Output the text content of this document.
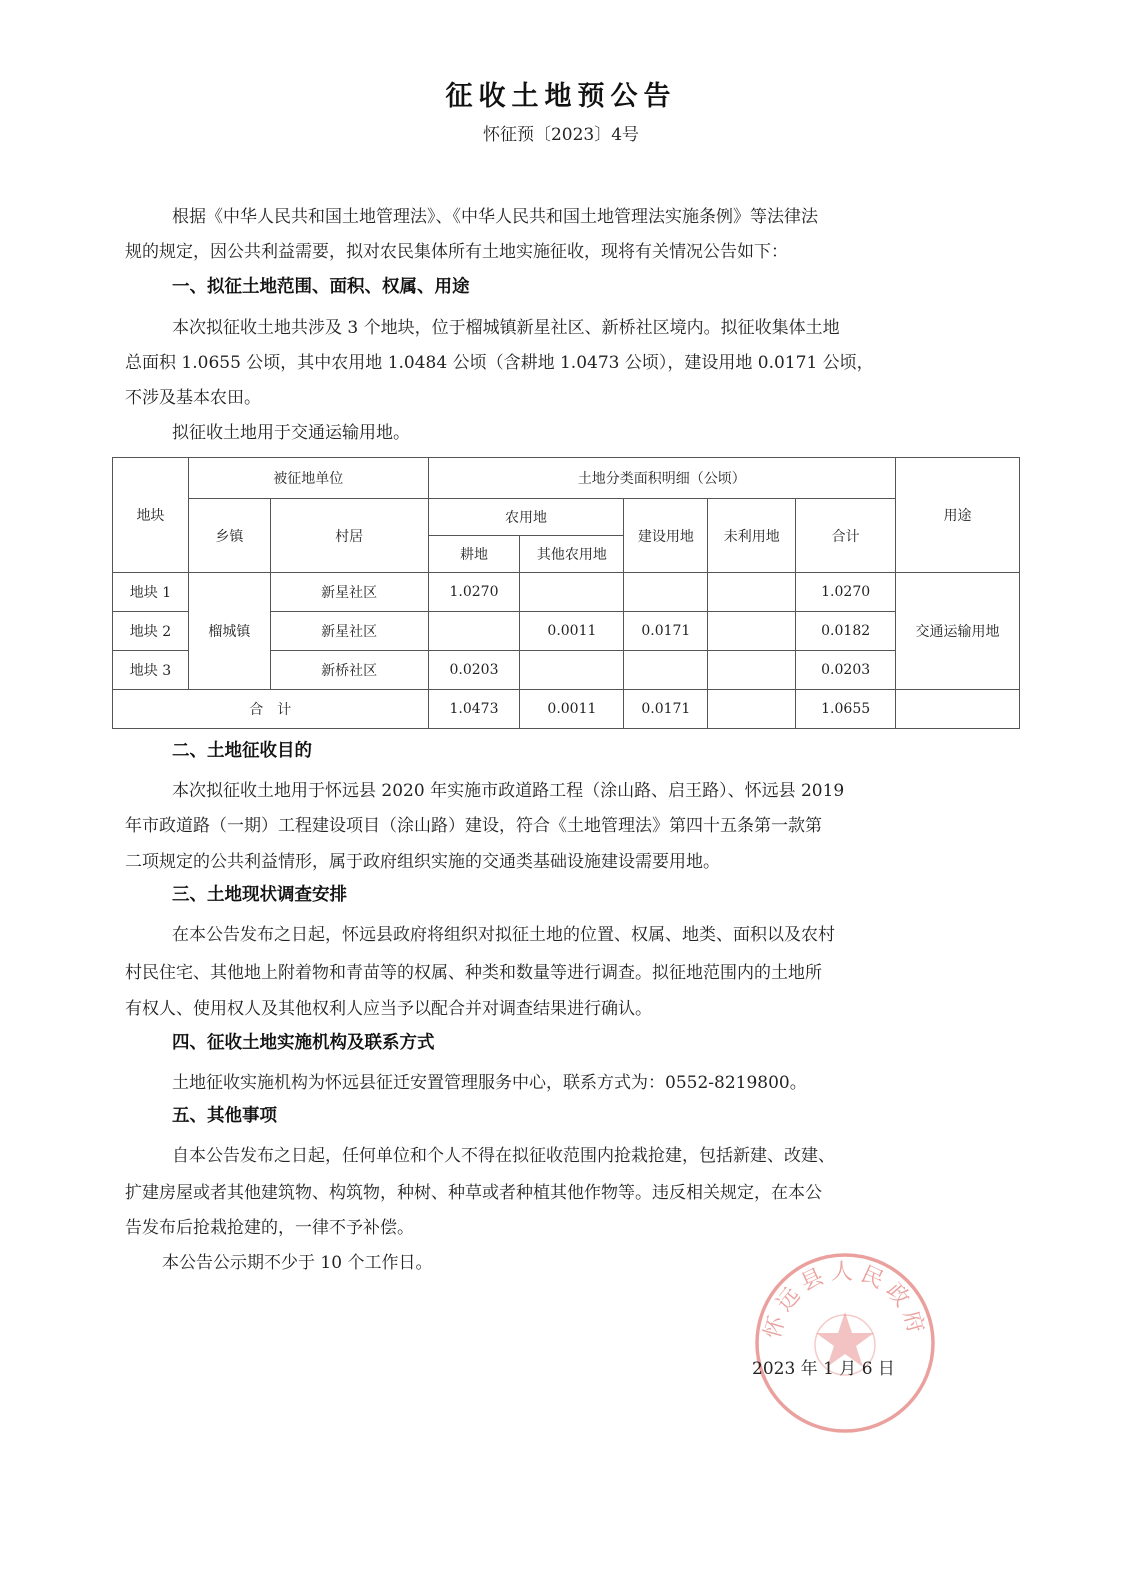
征收土地预公告
怀征预〔2023〕4号
根据《中华人民共和国土地管理法》、《中华人民共和国土地管理法实施条例》等法律法
规的规定，因公共利益需要，拟对农民集体所有土地实施征收，现将有关情况公告如下：
一、拟征土地范围、面积、权属、用途
本次拟征收土地共涉及 3 个地块，位于榴城镇新星社区、新桥社区境内。拟征收集体土地
总面积 1.0655 公顷，其中农用地 1.0484 公顷（含耕地 1.0473 公顷），建设用地 0.0171 公顷，
不涉及基本农田。
拟征收土地用于交通运输用地。
地块	被征地单位		土地分类面积明细（公顷）					用途
	乡镇	村居	农用地		建设用地	未利用地	合计	
			耕地	其他农用地				
地块 1	榴城镇	新星社区	1.0270				1.0270	交通运输用地
地块 2		新星社区		0.0011	0.0171		0.0182	
地块 3		新桥社区	0.0203				0.0203	
合　计			1.0473	0.0011	0.0171		1.0655	
二、土地征收目的
本次拟征收土地用于怀远县 2020 年实施市政道路工程（涂山路、启王路）、怀远县 2019
年市政道路（一期）工程建设项目（涂山路）建设，符合《土地管理法》第四十五条第一款第
二项规定的公共利益情形，属于政府组织实施的交通类基础设施建设需要用地。
三、土地现状调查安排
在本公告发布之日起，怀远县政府将组织对拟征土地的位置、权属、地类、面积以及农村
村民住宅、其他地上附着物和青苗等的权属、种类和数量等进行调查。拟征地范围内的土地所
有权人、使用权人及其他权利人应当予以配合并对调查结果进行确认。
四、征收土地实施机构及联系方式
土地征收实施机构为怀远县征迁安置管理服务中心，联系方式为：0552-8219800。
五、其他事项
自本公告发布之日起，任何单位和个人不得在拟征收范围内抢栽抢建，包括新建、改建、
扩建房屋或者其他建筑物、构筑物，种树、种草或者种植其他作物等。违反相关规定，在本公
告发布后抢栽抢建的，一律不予补偿。
本公告公示期不少于 10 个工作日。
怀远县人民政府
2023 年 1 月 6 日
